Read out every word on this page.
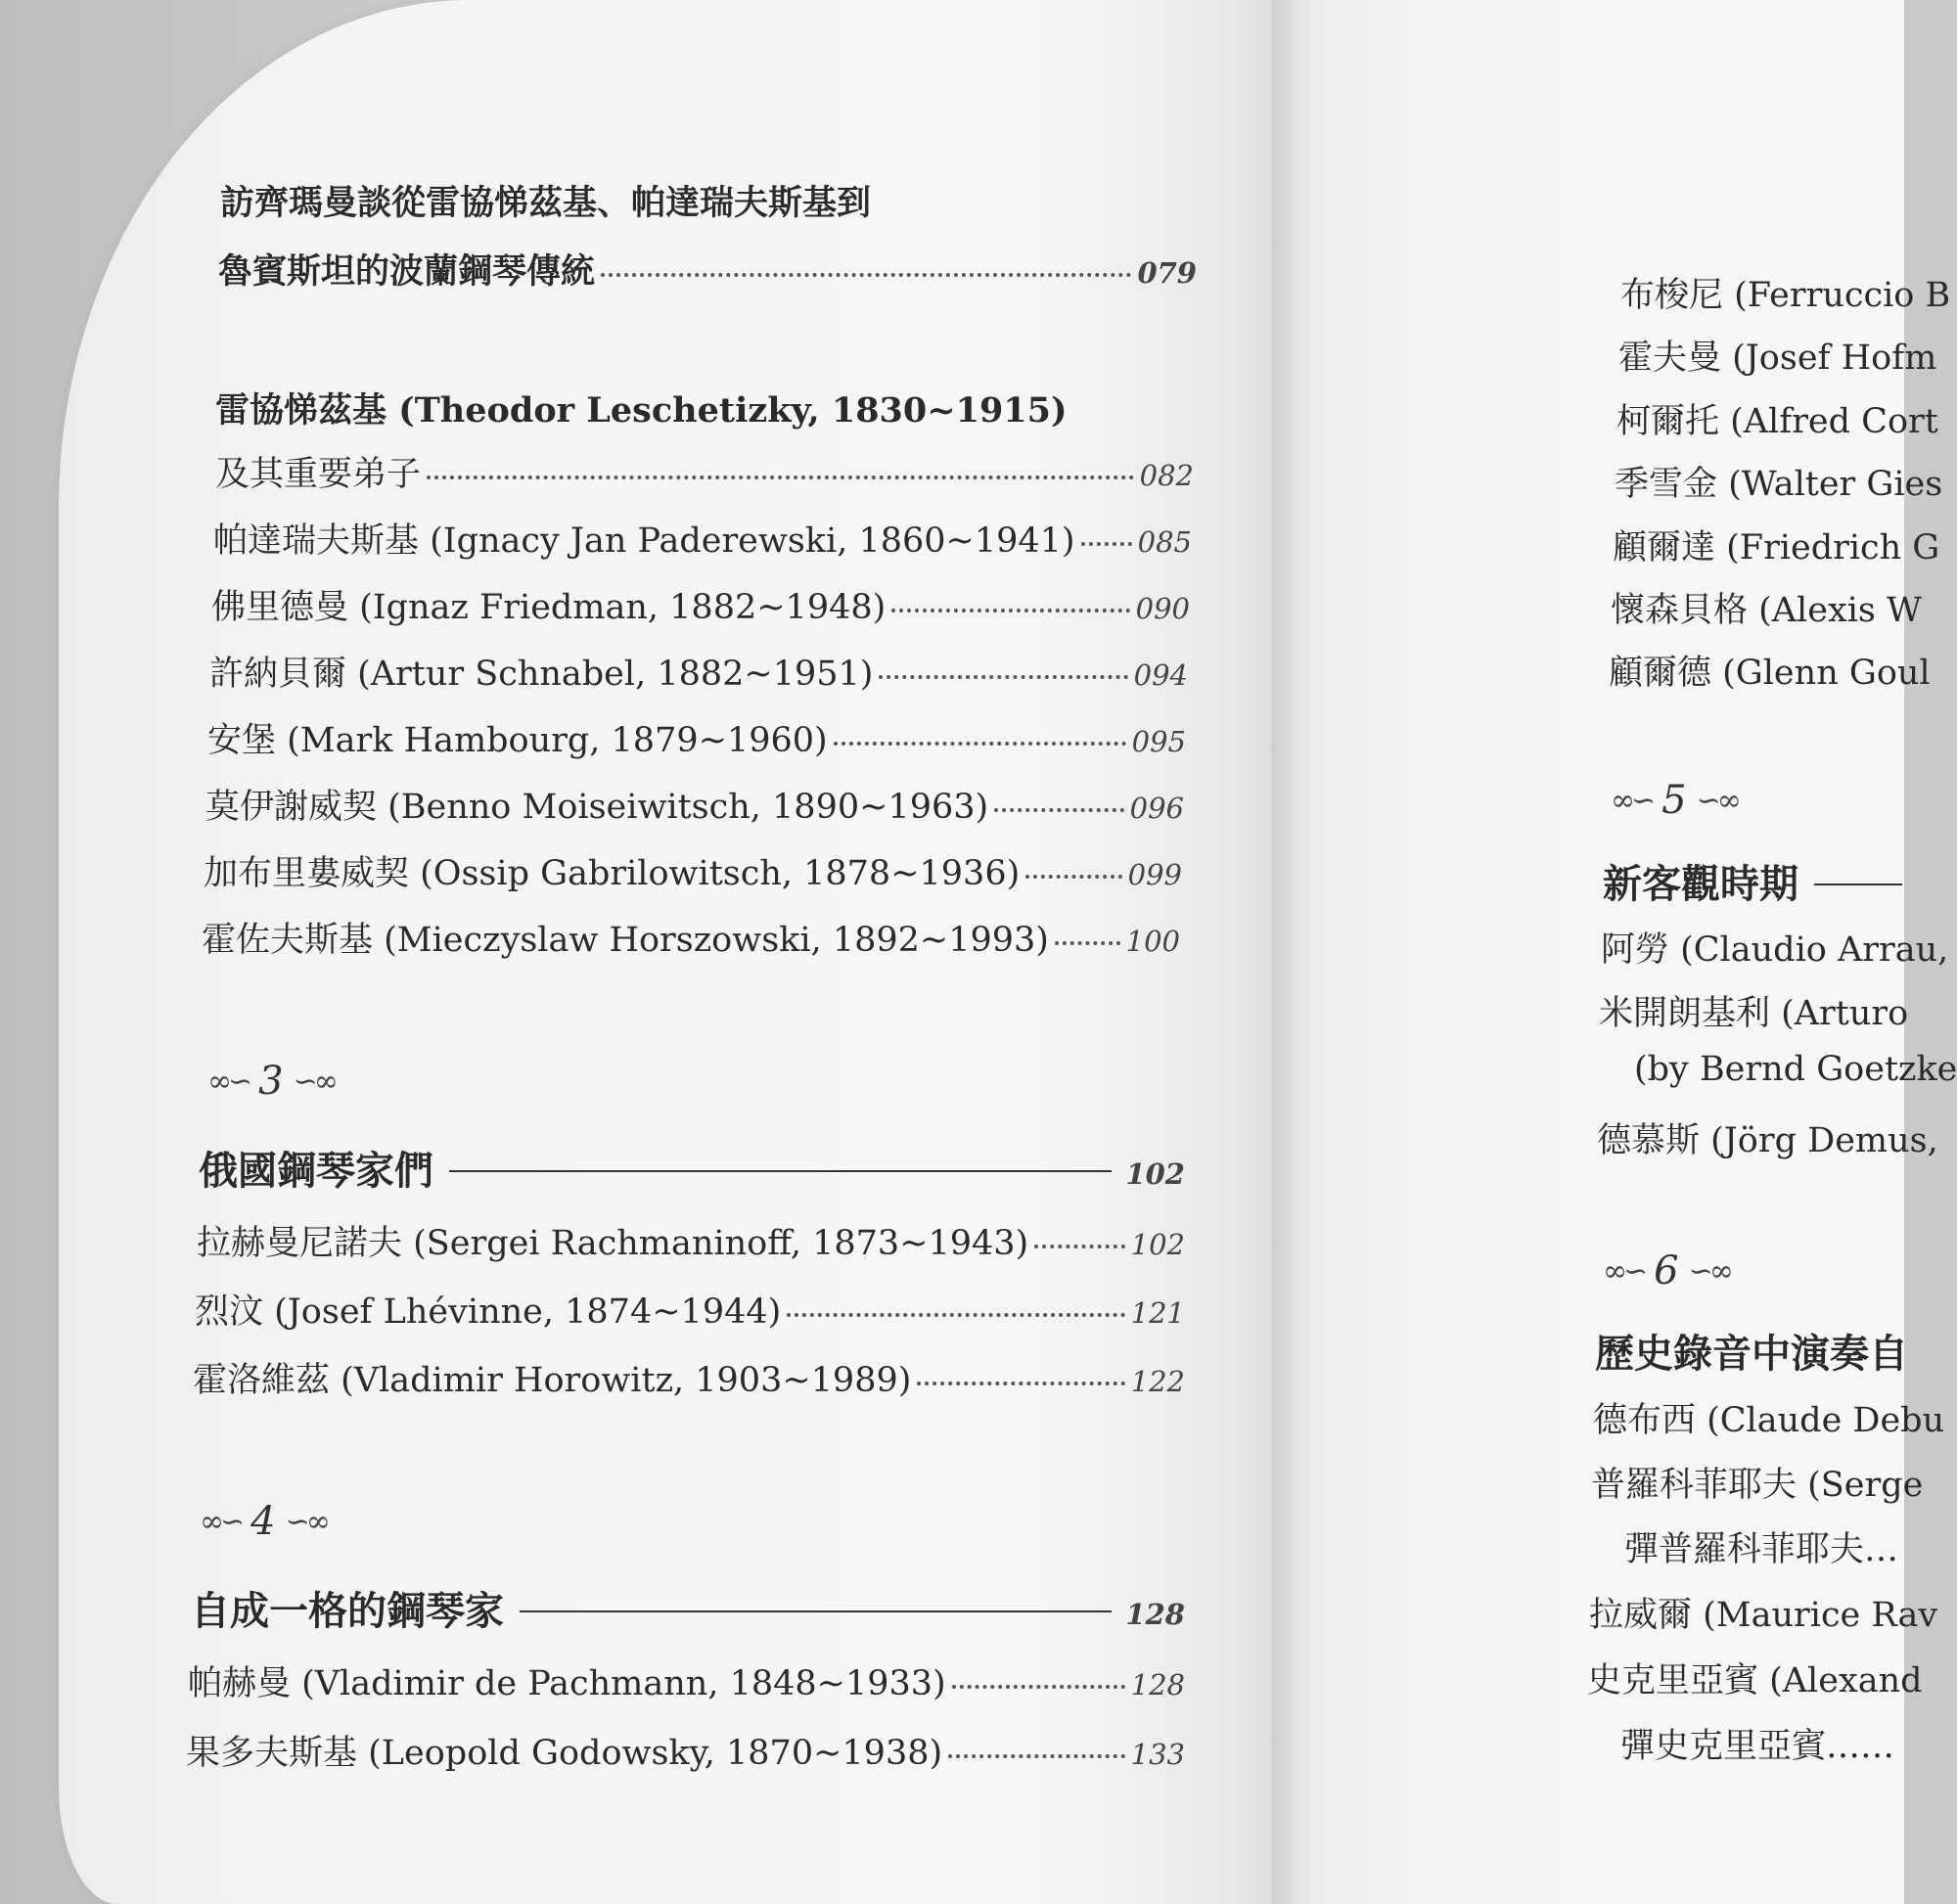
訪齊瑪曼談從雷協悌茲基、帕達瑞夫斯基到
魯賓斯坦的波蘭鋼琴傳統	079
雷協悌茲基 (Theodor Leschetizky, 1830~1915)
及其重要弟子	082
帕達瑞夫斯基 (Ignacy Jan Paderewski, 1860~1941) 085
佛里德曼 (Ignaz Friedman, 1882~1948)	090
許納貝爾 (Artur Schnabel, 1882~1951)	094
安堡 (Mark Hambourg, 1879~1960)	095
莫伊謝威契 (Benno Moiseiwitsch, 1890~1963)	096
加布里婁威契 (Ossip Gabrilowitsch, 1878~1936)	099
霍佐夫斯基 (Mieczyslaw Horszowski, 1892~1993)	100
∞∽ 3 ∽∞
俄國鋼琴家們	102
拉赫曼尼諾夫 (Sergei Rachmaninoff, 1873~1943)	102
烈汶 (Josef Lhévinne, 1874~1944)	121
霍洛維茲 (Vladimir Horowitz, 1903~1989)	122
∞∽ 4 ∽∞
自成一格的鋼琴家	128
帕赫曼 (Vladimir de Pachmann, 1848~1933)	128
果多夫斯基 (Leopold Godowsky, 1870~1938)	133
布梭尼 (Ferruccio B
霍夫曼 (Josef Hofm
柯爾托 (Alfred Cort
季雪金 (Walter Gies
顧爾達 (Friedrich G
懷森貝格 (Alexis W
顧爾德 (Glenn Goul
∞∽ 5 ∽∞
新客觀時期
阿勞 (Claudio Arrau,
米開朗基利 (Arturo
(by Bernd Goetzke
德慕斯 (Jörg Demus,
∞∽ 6 ∽∞
歷史錄音中演奏自
德布西 (Claude Debu
普羅科菲耶夫 (Serge
彈普羅科菲耶夫…
拉威爾 (Maurice Rav
史克里亞賓 (Alexand
彈史克里亞賓……
